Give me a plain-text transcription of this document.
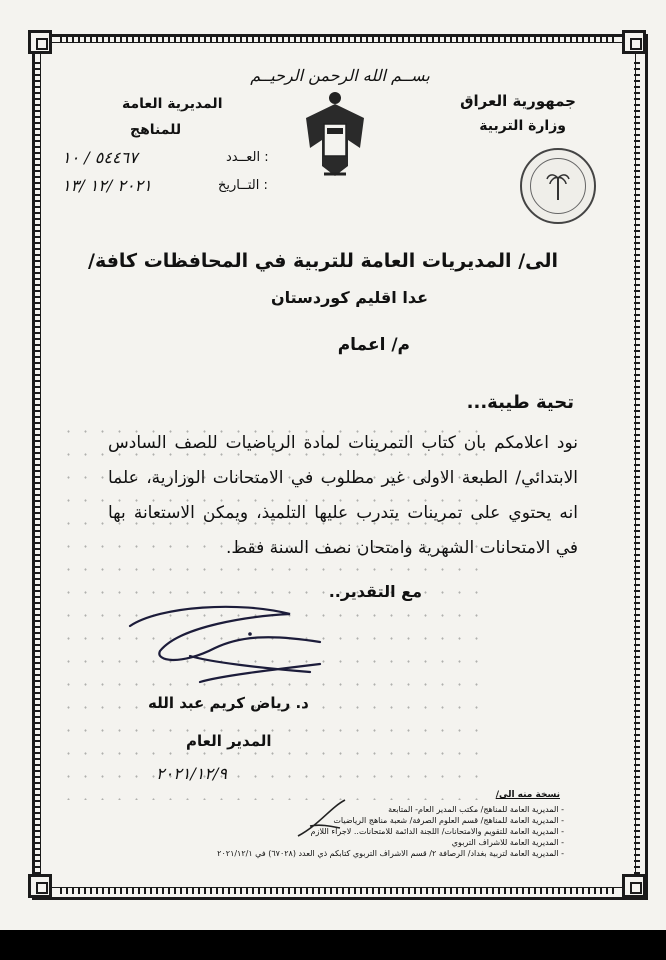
بســم الله الرحمن الرحيــم
جمهورية العراق
وزارة التربية
المديرية العامة
للمناهج
: العــدد
٥٤٤٦٧ / ١٠
: التــاريخ
٢٠٢١ /١٢ /١٣
الى/ المديريات العامة للتربية في المحافظات كافة/
عدا اقليم كوردستان
م/ اعمام
تحية طيبة...
نود اعلامكم بان كتاب التمرينات لمادة الرياضيات للصف السادس الابتدائي/ الطبعة الاولى غير مطلوب في الامتحانات الوزارية، علما انه يحتوي على تمرينات يتدرب عليها التلميذ، ويمكن الاستعانة بها في الامتحانات الشهرية وامتحان نصف السنة فقط.
مع التقدير..
د. رياض كريم عبد الله
المدير العام
٢٠٢١/١٢/٩
نسخة منه الى/
- المديرية العامة للمناهج/ مكتب المدير العام- المتابعة
- المديرية العامة للمناهج/ قسم العلوم الصرفة/ شعبة مناهج الرياضيات
- المديرية العامة للتقويم والامتحانات/ اللجنة الدائمة للامتحانات.. لاجراء اللازم
- المديرية العامة للاشراف التربوي
- المديرية العامة لتربية بغداد/ الرصافة ٢/ قسم الاشراف التربوي كتابكم ذي العدد (٦٧٠٢٨) في ٢٠٢١/١٢/١
